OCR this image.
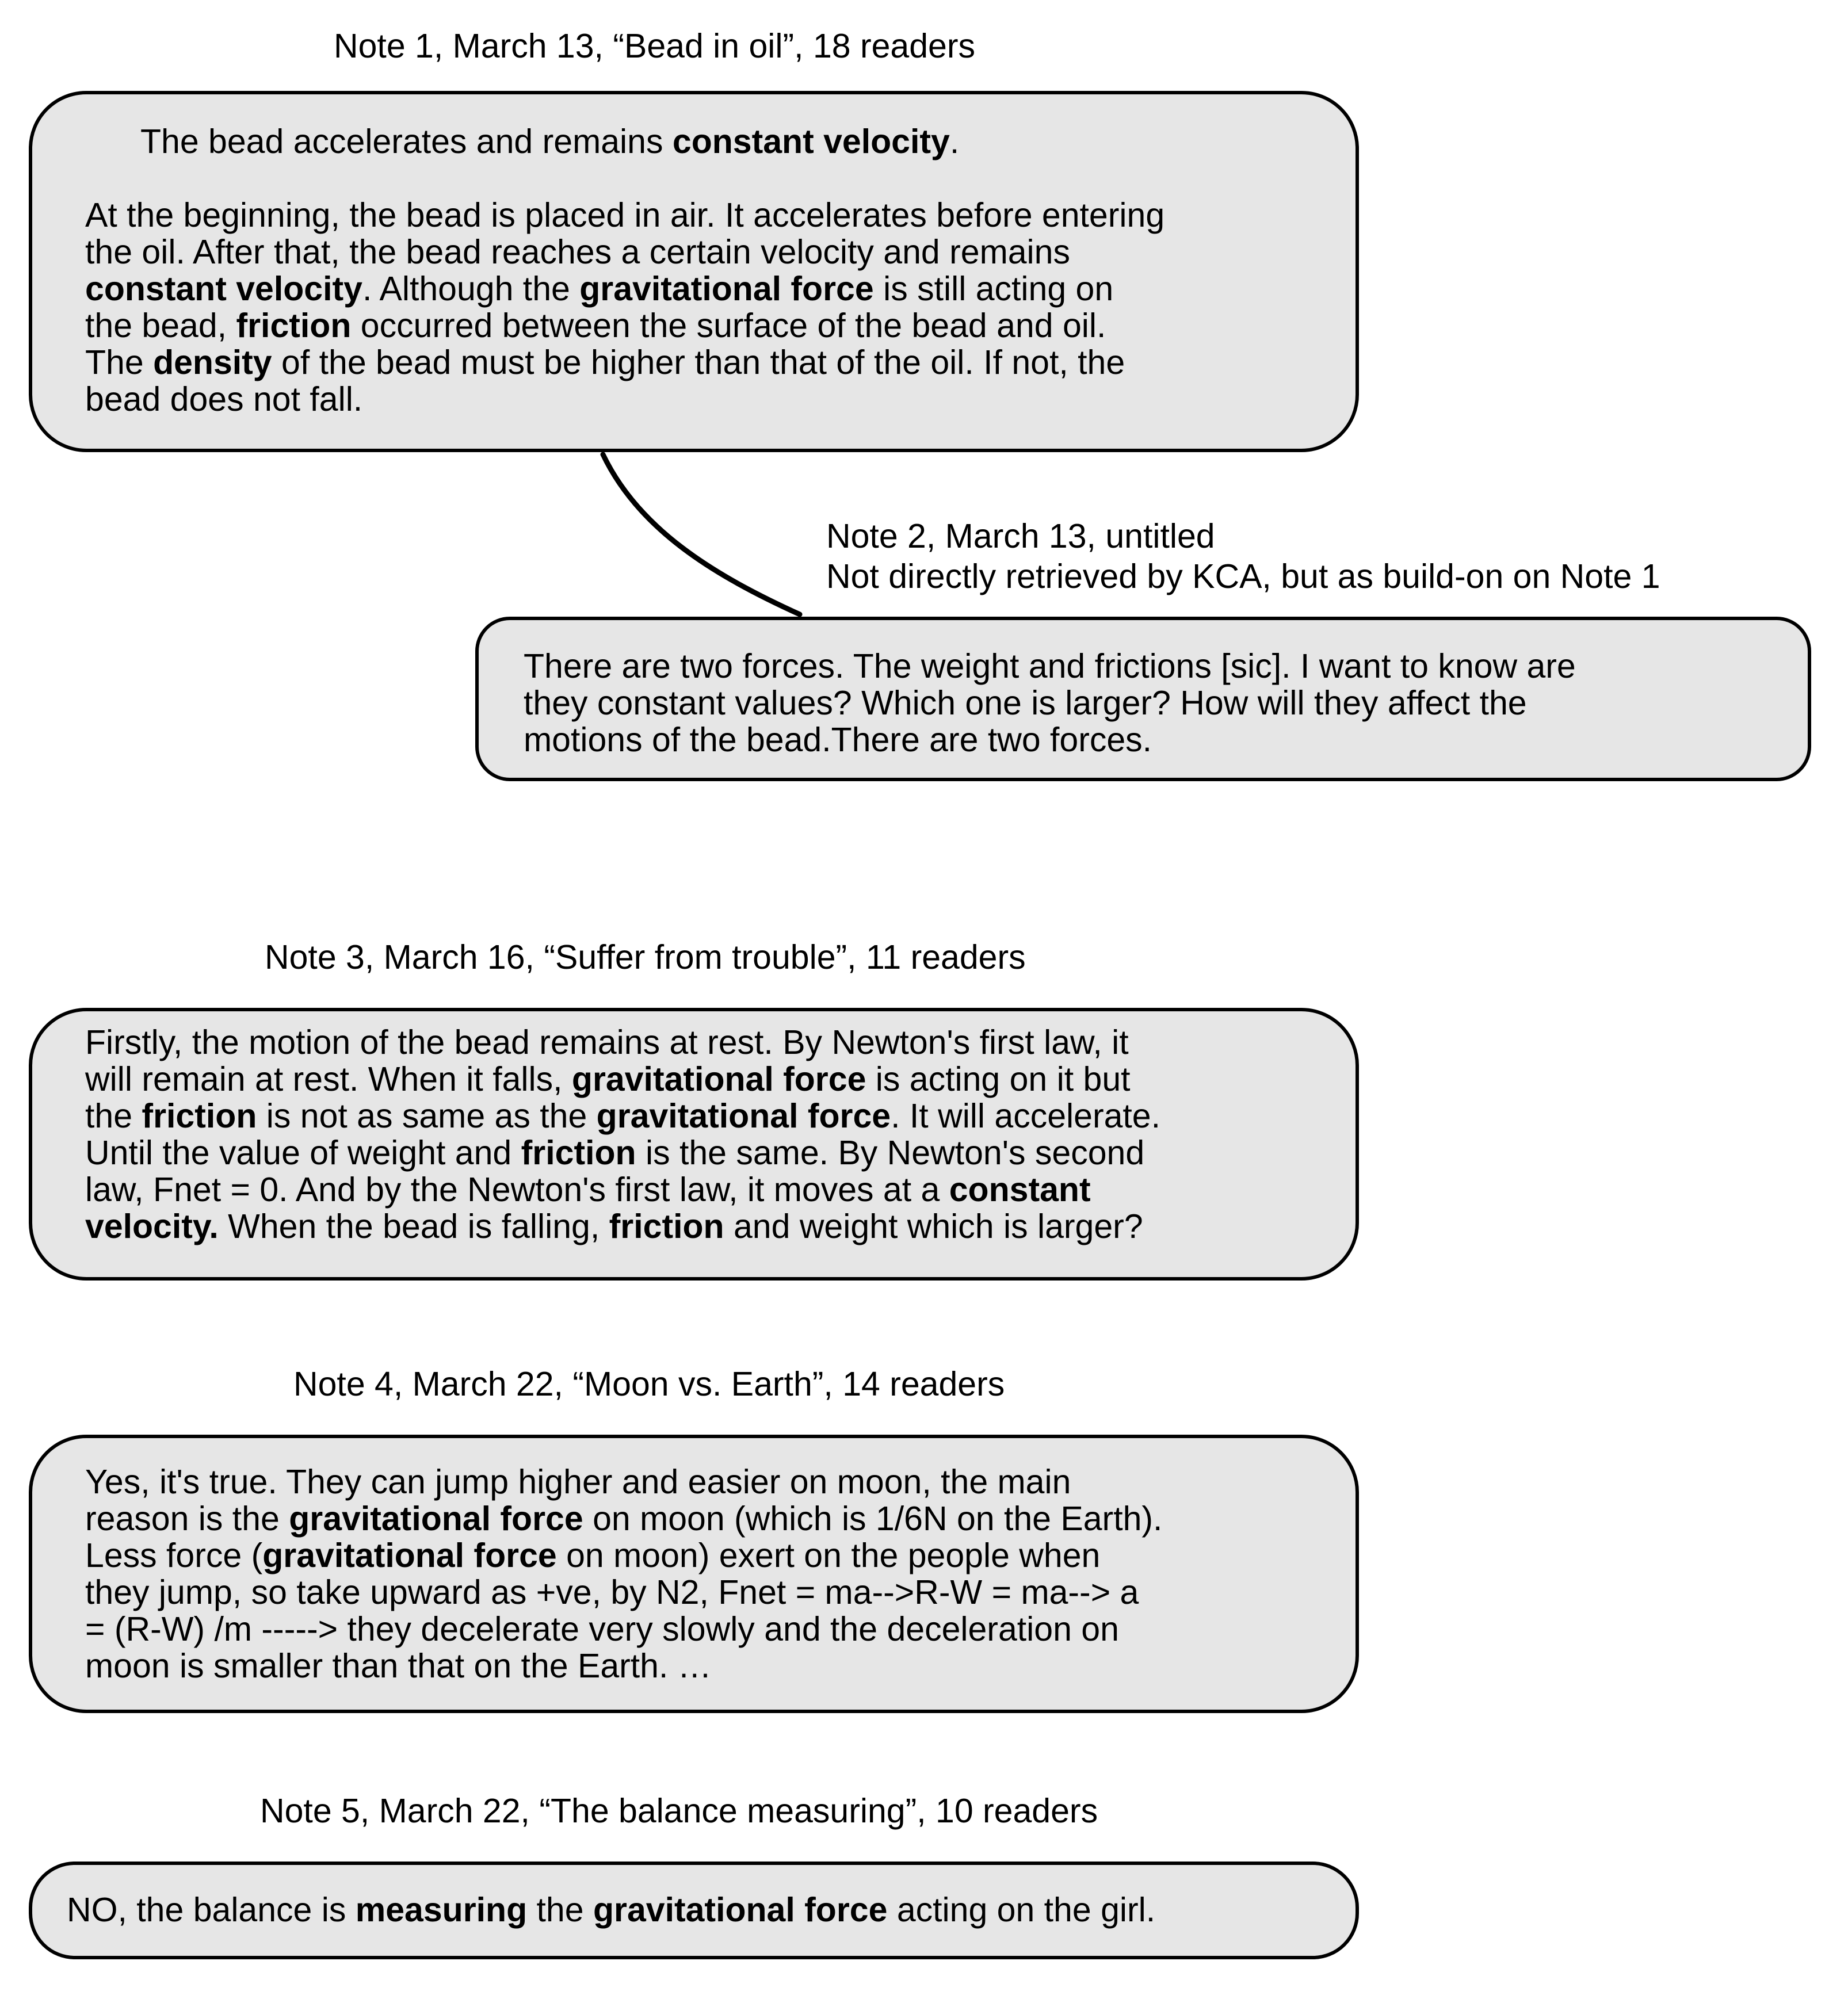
Note 1, March 13, “Bead in oil”, 18 readers
The bead accelerates and remains constant velocity.
At the beginning, the bead is placed in air. It accelerates before entering
the oil. After that, the bead reaches a certain velocity and remains
constant velocity. Although the gravitational force is still acting on
the bead, friction occurred between the surface of the bead and oil.
The density of the bead must be higher than that of the oil. If not, the
bead does not fall.
Note 2, March 13, untitled
Not directly retrieved by KCA, but as build-on on Note 1
There are two forces. The weight and frictions [sic]. I want to know are
they constant values? Which one is larger? How will they affect the
motions of the bead.There are two forces.
Note 3, March 16, “Suffer from trouble”, 11 readers
Firstly, the motion of the bead remains at rest. By Newton's first law, it
will remain at rest. When it falls, gravitational force is acting on it but
the friction is not as same as the gravitational force. It will accelerate.
Until the value of weight and friction is the same. By Newton's second
law, Fnet = 0. And by the Newton's first law, it moves at a constant
velocity. When the bead is falling, friction and weight which is larger?
Note 4, March 22, “Moon vs. Earth”, 14 readers
Yes, it's true. They can jump higher and easier on moon, the main
reason is the gravitational force on moon (which is 1/6N on the Earth).
Less force (gravitational force on moon) exert on the people when
they jump, so take upward as +ve, by N2, Fnet = ma-->R-W = ma--> a
= (R-W) /m -----> they decelerate very slowly and the deceleration on
moon is smaller than that on the Earth. …
Note 5, March 22, “The balance measuring”, 10 readers
NO, the balance is measuring the gravitational force acting on the girl.
